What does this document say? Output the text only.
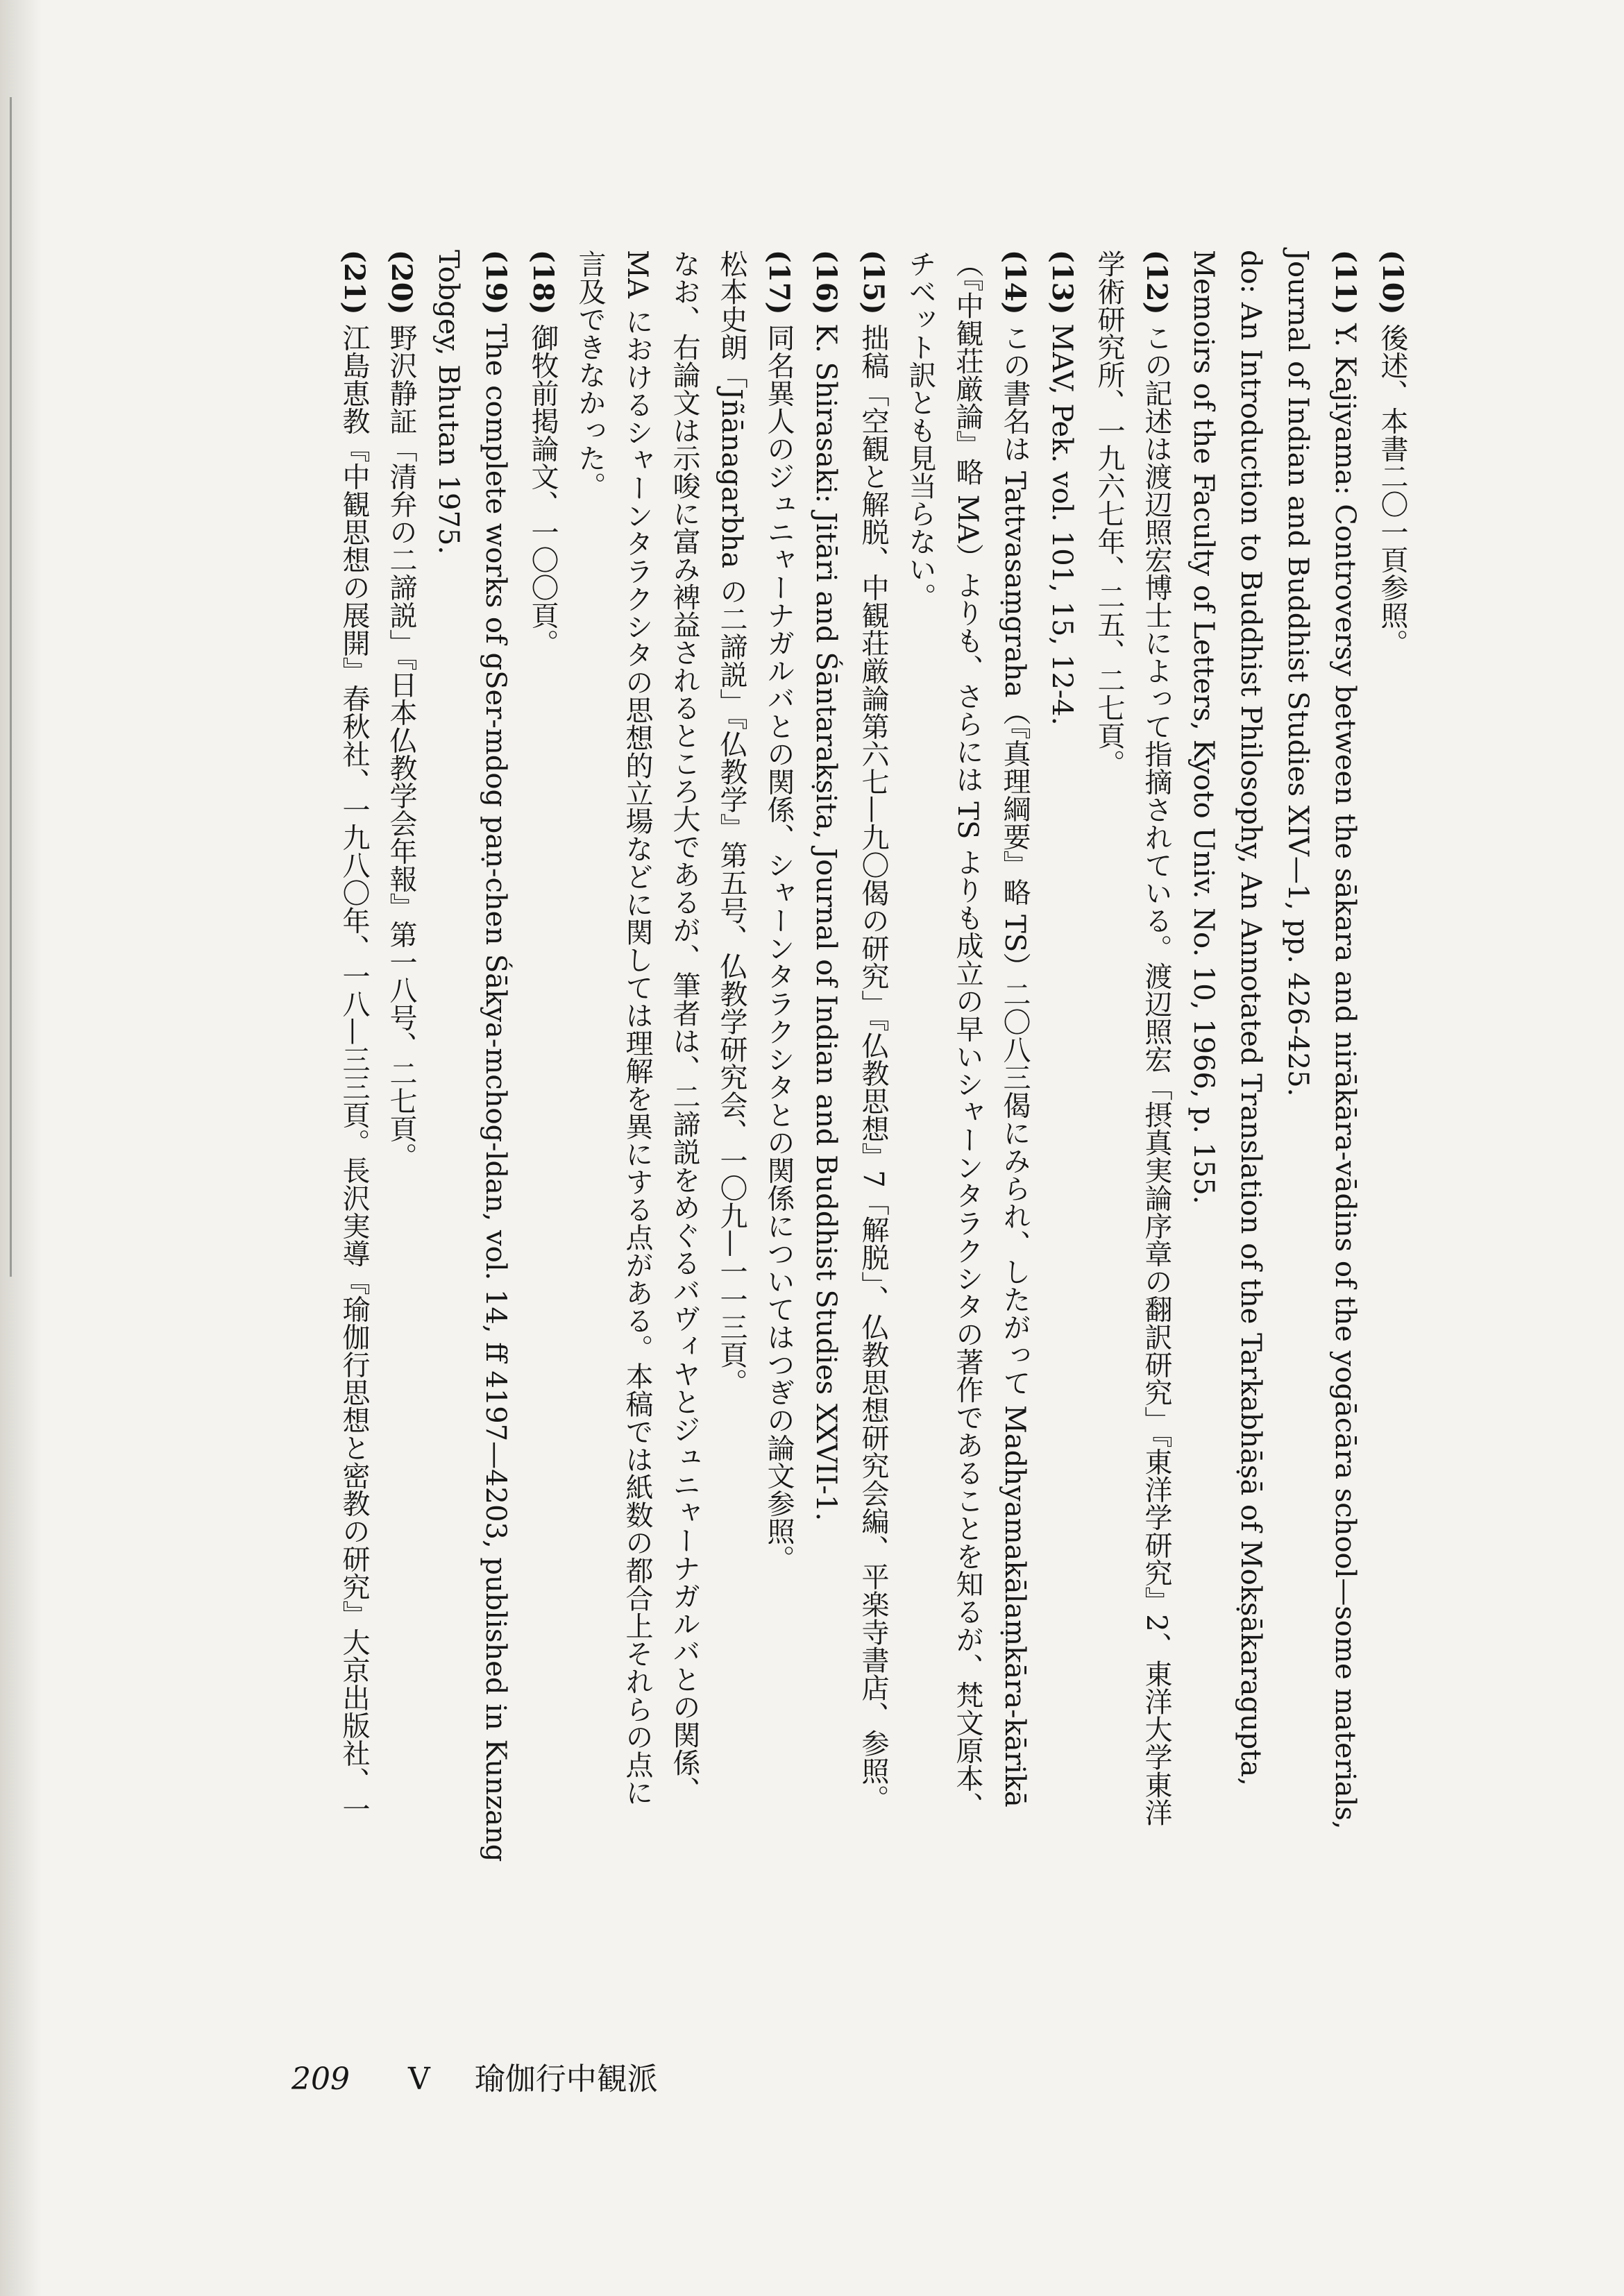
(10) 後述、本書二〇一頁参照。

(11) Y. Kajiyama: Controversy between the sākara and nirākāra-vādins of the yogācāra school—some materials,
Journal of Indian and Buddhist Studies XIV—1, pp. 426-425.

do: An Introduction to Buddhist Philosophy, An Annotated Translation of the Tarkabhāṣā of Mokṣākaragupta,
Memoirs of the Faculty of Letters, Kyoto Univ. No. 10, 1966, p. 155.

(12) この記述は渡辺照宏博士によって指摘されている。渡辺照宏「摂真実論序章の翻訳研究」『東洋学研究』2、東洋大学東洋
学術研究所、一九六七年、二五、二七頁。

(13) MAV, Pek. vol. 101, 15, 12-4.

(14) この書名は Tattvasaṃgraha（『真理綱要』略 TS）二〇八三偈にみられ、したがって Madhyamakālaṃkāra-kārikā
（『中観荘厳論』略 MA）よりも、さらには TS よりも成立の早いシャーンタラクシタの著作であることを知るが、梵文原本、
チベット訳とも見当らない。

(15) 拙稿「空観と解脱、中観荘厳論第六七—九〇偈の研究」『仏教思想』7「解脱」、仏教思想研究会編、平楽寺書店、参照。

(16) K. Shirasaki: Jitāri and Śāntarakṣita, Journal of Indian and Buddhist Studies XXVII-1.

(17) 同名異人のジュニャーナガルバとの関係、シャーンタラクシタとの関係についてはつぎの論文参照。
松本史朗「Jñānagarbha の二諦説」『仏教学』第五号、仏教学研究会、一〇九—一一三頁。
なお、右論文は示唆に富み裨益されるところ大であるが、筆者は、二諦説をめぐるバヴィヤとジュニャーナガルバとの関係、
MA におけるシャーンタラクシタの思想的立場などに関しては理解を異にする点がある。本稿では紙数の都合上それらの点に
言及できなかった。

(18) 御牧前掲論文、一〇〇頁。

(19) The complete works of gSer-mdog paṇ-chen Śākya-mchog-ldan, vol. 14, ff 4197—4203, published in Kunzang
Tobgey, Bhutan 1975.

(20) 野沢静証「清弁の二諦説」『日本仏教学会年報』第一八号、二七頁。

(21) 江島恵教『中観思想の展開』春秋社、一九八〇年、一八—三三頁。長沢実導『瑜伽行思想と密教の研究』大京出版社、一

209 V 瑜伽行中観派
